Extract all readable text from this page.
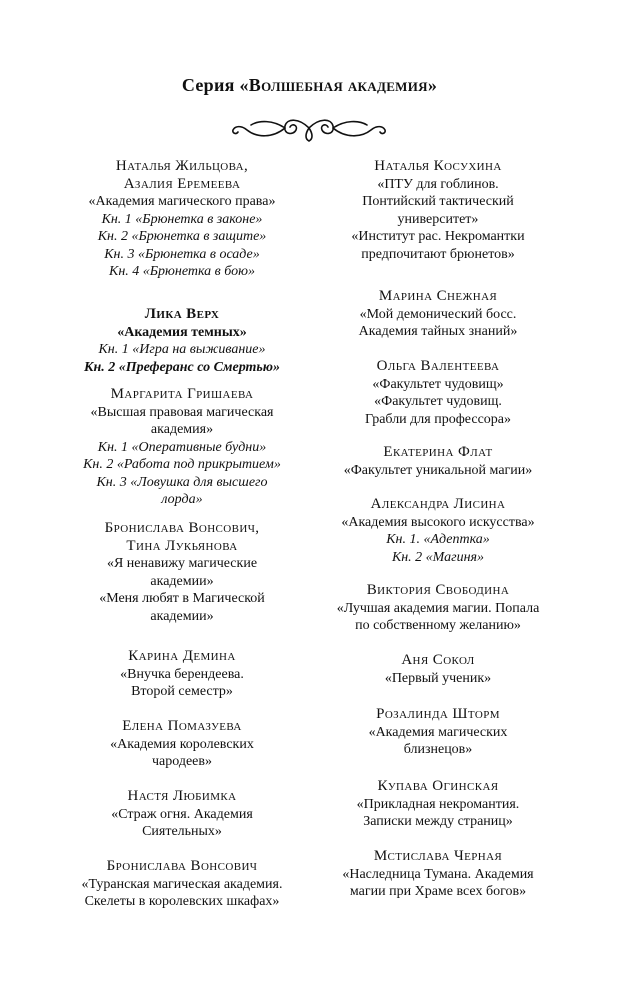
Серия «Волшебная академия»
Наталья Жильцова,
Азалия Еремеева
«Академия магического права»
Кн. 1 «Брюнетка в законе»
Кн. 2 «Брюнетка в защите»
Кн. 3 «Брюнетка в осаде»
Кн. 4 «Брюнетка в бою»
Лика Верх
«Академия темных»
Кн. 1 «Игра на выживание»
Кн. 2 «Преферанс со Смертью»
Маргарита Гришаева
«Высшая правовая магическая
академия»
Кн. 1 «Оперативные будни»
Кн. 2 «Работа под прикрытием»
Кн. 3 «Ловушка для высшего
лорда»
Бронислава Вонсович,
Тина Лукьянова
«Я ненавижу магические
академии»
«Меня любят в Магической
академии»
Карина Демина
«Внучка берендеева.
Второй семестр»
Елена Помазуева
«Академия королевских
чародеев»
Настя Любимка
«Страж огня. Академия
Сиятельных»
Бронислава Вонсович
«Туранская магическая академия.
Скелеты в королевских шкафах»
Наталья Косухина
«ПТУ для гоблинов.
Понтийский тактический
университет»
«Институт рас. Некромантки
предпочитают брюнетов»
Марина Снежная
«Мой демонический босс.
Академия тайных знаний»
Ольга Валентеева
«Факультет чудовищ»
«Факультет чудовищ.
Грабли для профессора»
Екатерина Флат
«Факультет уникальной магии»
Александра Лисина
«Академия высокого искусства»
Кн. 1. «Адептка»
Кн. 2 «Магиня»
Виктория Свободина
«Лучшая академия магии. Попала
по собственному желанию»
Аня Сокол
«Первый ученик»
Розалинда Шторм
«Академия магических
близнецов»
Купава Огинская
«Прикладная некромантия.
Записки между страниц»
Мстислава Черная
«Наследница Тумана. Академия
магии при Храме всех богов»
